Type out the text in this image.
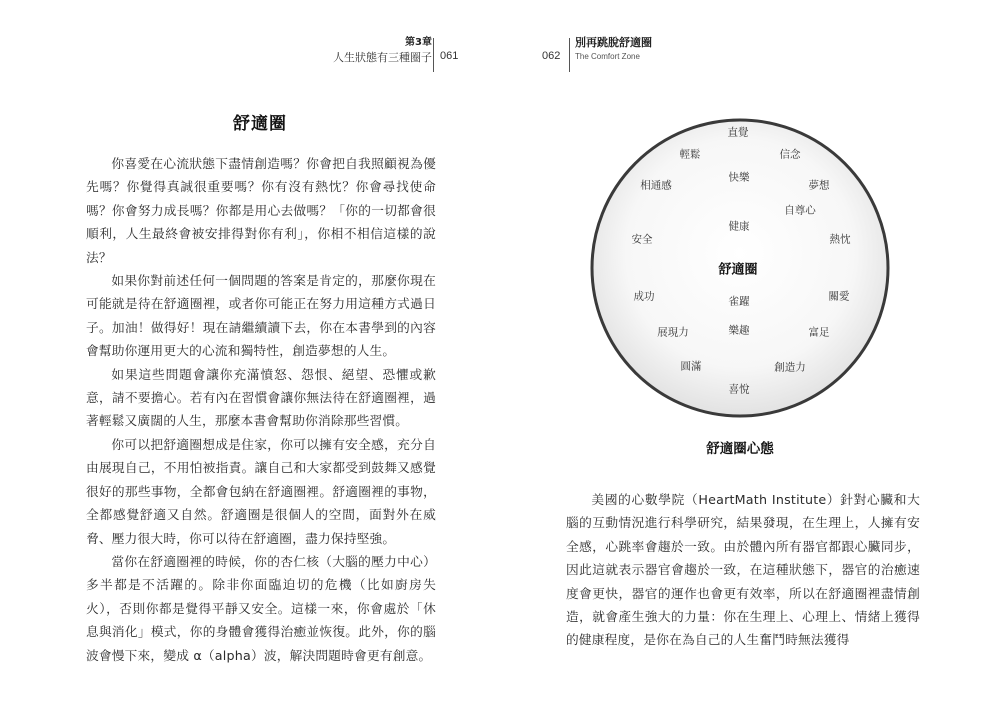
第3章
人生狀態有三種圈子 061
舒適圈

你喜愛在心流狀態下盡情創造嗎？你會把自我照顧視為優先嗎？你覺得真誠很重要嗎？你有沒有熱忱？你會尋找使命嗎？你會努力成長嗎？你都是用心去做嗎？「你的一切都會很順利，人生最終會被安排得對你有利」，你相不相信這樣的說法？

如果你對前述任何一個問題的答案是肯定的，那麼你現在可能就是待在舒適圈裡，或者你可能正在努力用這種方式過日子。加油！做得好！現在請繼續讀下去，你在本書學到的內容會幫助你運用更大的心流和獨特性，創造夢想的人生。

如果這些問題會讓你充滿憤怒、怨恨、絕望、恐懼或歉意，請不要擔心。若有內在習慣會讓你無法待在舒適圈裡，過著輕鬆又廣闊的人生，那麼本書會幫助你消除那些習慣。

你可以把舒適圈想成是住家，你可以擁有安全感，充分自由展現自己，不用怕被指責。讓自己和大家都受到鼓舞又感覺很好的那些事物，全都會包納在舒適圈裡。舒適圈裡的事物，全都感覺舒適又自然。舒適圈是很個人的空間，面對外在威脅、壓力很大時，你可以待在舒適圈，盡力保持堅強。

當你在舒適圈裡的時候，你的杏仁核（大腦的壓力中心）多半都是不活躍的。除非你面臨迫切的危機（比如廚房失火），否則你都是覺得平靜又安全。這樣一來，你會處於「休息與消化」模式，你的身體會獲得治癒並恢復。此外，你的腦波會慢下來，變成 α（alpha）波，解決問題時會更有創意。

062
別再跳脫舒適圈
The Comfort Zone
直覺
輕鬆	信念
快樂
相通感	夢想
自尊心
健康
安全	熱忱
舒適圈
成功	雀躍	關愛
展現力	樂趣	富足
圓滿	創造力
喜悅
舒適圈心態

美國的心數學院（HeartMath Institute）針對心臟和大腦的互動情況進行科學研究，結果發現，在生理上，人擁有安全感，心跳率會趨於一致。由於體內所有器官都跟心臟同步，因此這就表示器官會趨於一致，在這種狀態下，器官的治癒速度會更快，器官的運作也會更有效率，所以在舒適圈裡盡情創造，就會產生強大的力量：你在生理上、心理上、情緒上獲得的健康程度，是你在為自己的人生奮鬥時無法獲得
